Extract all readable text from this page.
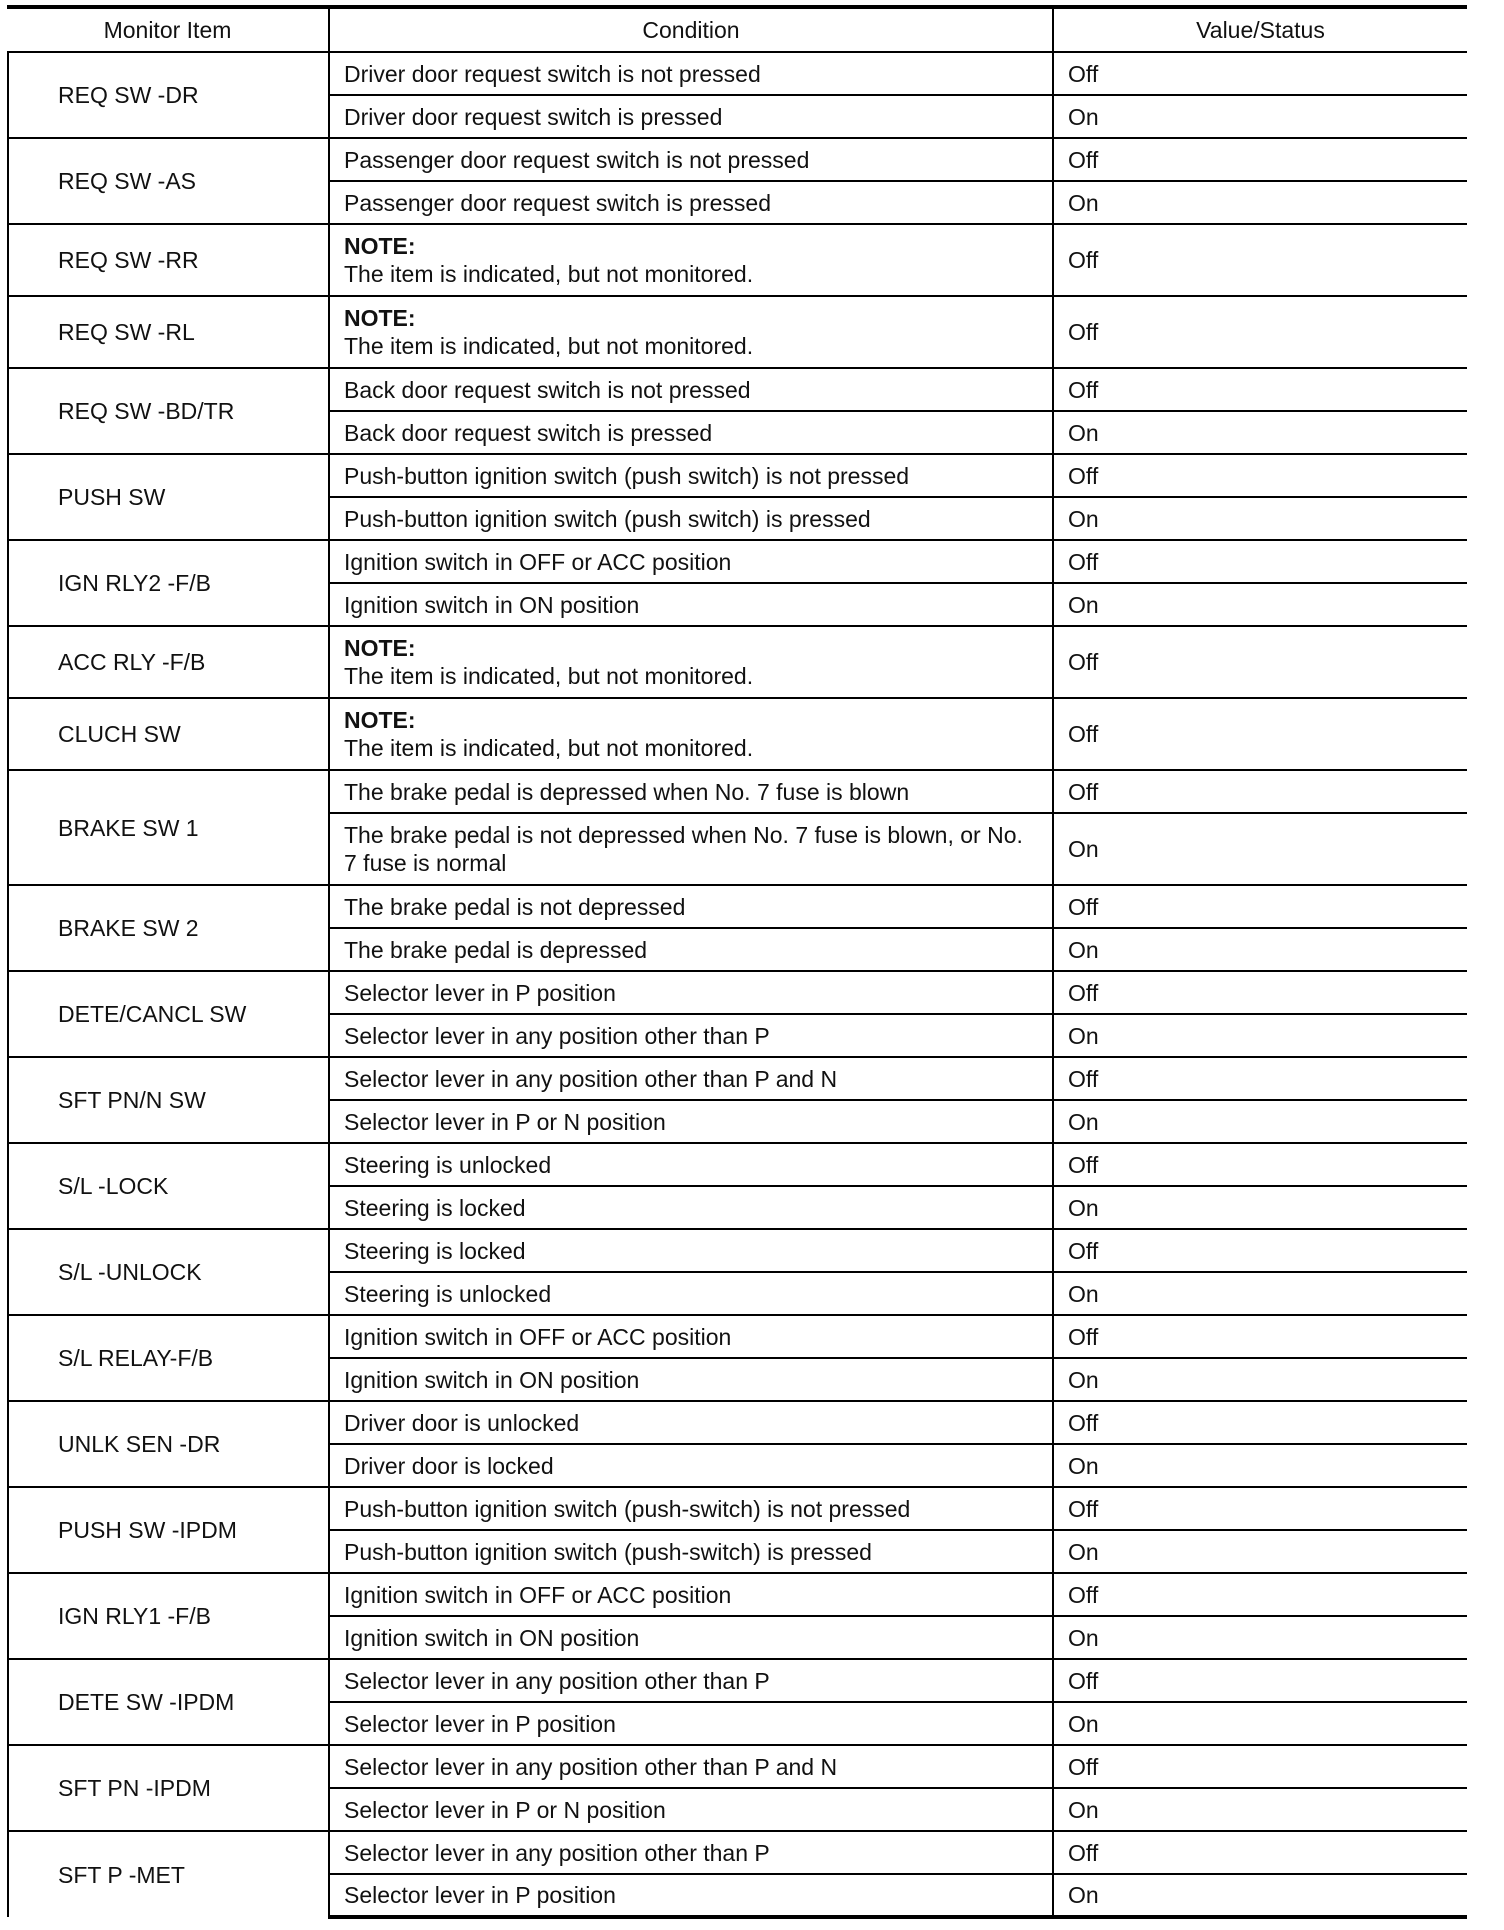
Monitor Item	Condition	Value/Status
REQ SW -DR	Driver door request switch is not pressed	Off

	Driver door request switch is pressed	On
REQ SW -AS	Passenger door request switch is not pressed	Off

	Passenger door request switch is pressed	On
REQ SW -RR	NOTE:
The item is indicated, but not monitored.	Off
REQ SW -RL	NOTE:
The item is indicated, but not monitored.	Off
REQ SW -BD/TR	Back door request switch is not pressed	Off

	Back door request switch is pressed	On
PUSH SW	Push-button ignition switch (push switch) is not pressed	Off

	Push-button ignition switch (push switch) is pressed	On
IGN RLY2 -F/B	Ignition switch in OFF or ACC position	Off

	Ignition switch in ON position	On
ACC RLY -F/B	NOTE:
The item is indicated, but not monitored.	Off
CLUCH SW	NOTE:
The item is indicated, but not monitored.	Off
BRAKE SW 1	The brake pedal is depressed when No. 7 fuse is blown	Off

	The brake pedal is not depressed when No. 7 fuse is blown, or No. 7 fuse is normal	On
BRAKE SW 2	The brake pedal is not depressed	Off

	The brake pedal is depressed	On
DETE/CANCL SW	Selector lever in P position	Off

	Selector lever in any position other than P	On
SFT PN/N SW	Selector lever in any position other than P and N	Off

	Selector lever in P or N position	On
S/L -LOCK	Steering is unlocked	Off

	Steering is locked	On
S/L -UNLOCK	Steering is locked	Off

	Steering is unlocked	On
S/L RELAY-F/B	Ignition switch in OFF or ACC position	Off

	Ignition switch in ON position	On
UNLK SEN -DR	Driver door is unlocked	Off

	Driver door is locked	On
PUSH SW -IPDM	Push-button ignition switch (push-switch) is not pressed	Off

	Push-button ignition switch (push-switch) is pressed	On
IGN RLY1 -F/B	Ignition switch in OFF or ACC position	Off

	Ignition switch in ON position	On
DETE SW -IPDM	Selector lever in any position other than P	Off

	Selector lever in P position	On
SFT PN -IPDM	Selector lever in any position other than P and N	Off

	Selector lever in P or N position	On
SFT P -MET	Selector lever in any position other than P	Off

	Selector lever in P position	On
